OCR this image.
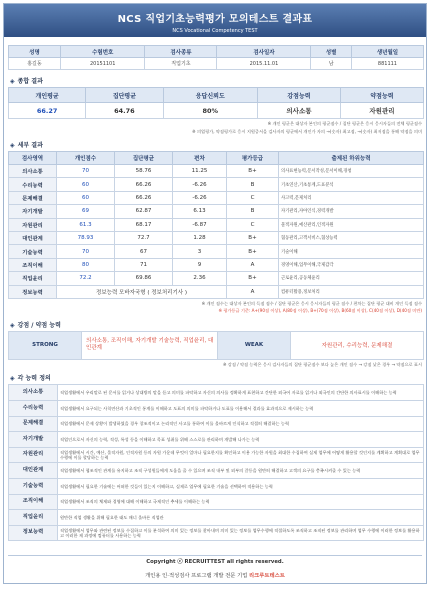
NCS 직업기초능력평가 모의테스트 결과표
NCS Vocational Competency TEST
성명	수험번호	검사종류	검사일자	성별	생년월일
홍길동	20151101	직업기초	2015.11.01	남	881111
◈ 종합 결과
개인평균	집단평균	응답신뢰도	강점능력	약점능력
66.27	64.76	80%	의사소통	자원관리
※ 개인 평균은 대상자 본인의 평균점수 / 집단 평균은 응시 응시자들의 전체 평균점수
※ 의업평가, 약점평가로 응시 지원증서을 검사자의 평균에서 개인가 자의 →(숫자) 최고점, →(숫자) 최저점을 통해 약점을 의미
◈ 세부 결과
검사영역	개인점수	집단평균	편차	평가등급	출제된 하위능력
의사소통	70	58.76	11.25	B+	의사표현능력,문서작성,문서이해,경청
수리능력	60	66.26	-6.26	B	기초연산,기초통계,도표분석
문제해결	60	66.26	-6.26	C	사고력,문제처리
자기개발	69	62.87	6.13	B	자기관리,자아인식,경력개발
자원관리	61.3	68.17	-6.87	C	물적자원,예산관리,인적자원
대인관계	78.93	72.7	1.28	B+	협동관리,고객서비스,협상능력
기술능력	70	67	3	B+	기술이해
조직이해	80	71	9	A	경영이해,업무이해,국제감각
직업윤리	72.2	69.86	2.36	B+	근로윤리,공동체윤리
정보능력	정보능력 모바자국형 ( 정보처리기사 )			A	컴퓨터활용,정보처리
※ 개인 점수는 대상자 본인의 득점 점수 / 집단 평균은 응시 응시자들의 평균 점수 / 편차는 집단 평균 대비 개인 득점 점수
※ 평가등급 기준: A+(90점 이상), A(80점 이상), B+(70점 이상), B(60점 이상), C(40점 이상), D(40점 미만)
◈ 강점 / 약점 능력
STRONG	의사소통, 조직이해, 자기개발 기술능력, 직업윤리, 대인관계	WEAK	자원관리, 수리능력, 문제해결
※ 강점 / 약점 능력은 응시 검사자들의 집단 평균점수 보다 높은 개인 점수 → 강점 낮은 경우 → 약점으로 표시
◈ 각 능력 정의
의사소통	직업생활에서 우리말로 된 문서를 읽거나 상대방의 말을 듣고 의미를 파악하고 자신의 의사를 정확하게 표현하고 간단한 외국어 자료를 읽거나 외국인의 간단한 의사표시를 이해하는 능력
수리능력	직업생활에서 요구되는 사칙연산과 기초적인 통계를 이해하고 도표의 의미를 파악하거나 도표를 이용해서 결과를 효과적으로 제시하는 능력
문제해결	직업생활에서 문제 상황이 발생하였을 경우 창조적이고 논리적인 사고를 통하여 이를 올바르게 인식하고 적절히 해결하는 능력
자기개발	직업인으로서 자신의 능력, 적성, 특성 등을 이해하고 목표 성취를 위해 스스로를 관리하며 개발해 나가는 능력
자원관리	직업생활에서 시간, 예산, 물적자원, 인적자원 등의 자원 가운데 무엇이 얼마나 필요한지를 확인하고 이용 가능한 자원을 최대한 수집하여 실제 업무에 어떻게 활용할 것인지를 계획하고 계획대로 업무 수행에 이를 할당하는 능력
대인관계	직업생활에서 협조적인 관계를 유지하고 조직 구성원들에게 도움을 줄 수 있으며 조직 내부 및 외부의 갈등을 원만히 해결하고 고객의 요구를 충족시켜줄 수 있는 능력
기술능력	직업생활에서 필요한 기술에는 어떠한 것들이 있는지 이해하고, 실제로 업무에 필요한 기술을 선택하여 적용하는 능력
조직이해	직업생활에서 조직의 체제와 경영에 대해 이해하고 국제적인 추세를 이해하는 능력
직업윤리	원만한 직업 생활을 위해 필요한 태도 매너 올바른 직업관
정보능력	직업생활에서 업무와 관련된 정보를 수집하고 이를 분석하여 의미 있는 정보를 찾아내며 의미 있는 정보를 업무수행에 적절하도록 조직하고 조직된 정보를 관리하며 업무 수행에 이러한 정보를 활용하고 이러한 제 과정에 컴퓨터를 사용하는 능력
Copyright ⓒ RECRUITTEST all rights reserved.
개인용 인·적성검사 프로그램 개발 전문 기업 리크루트테스트
